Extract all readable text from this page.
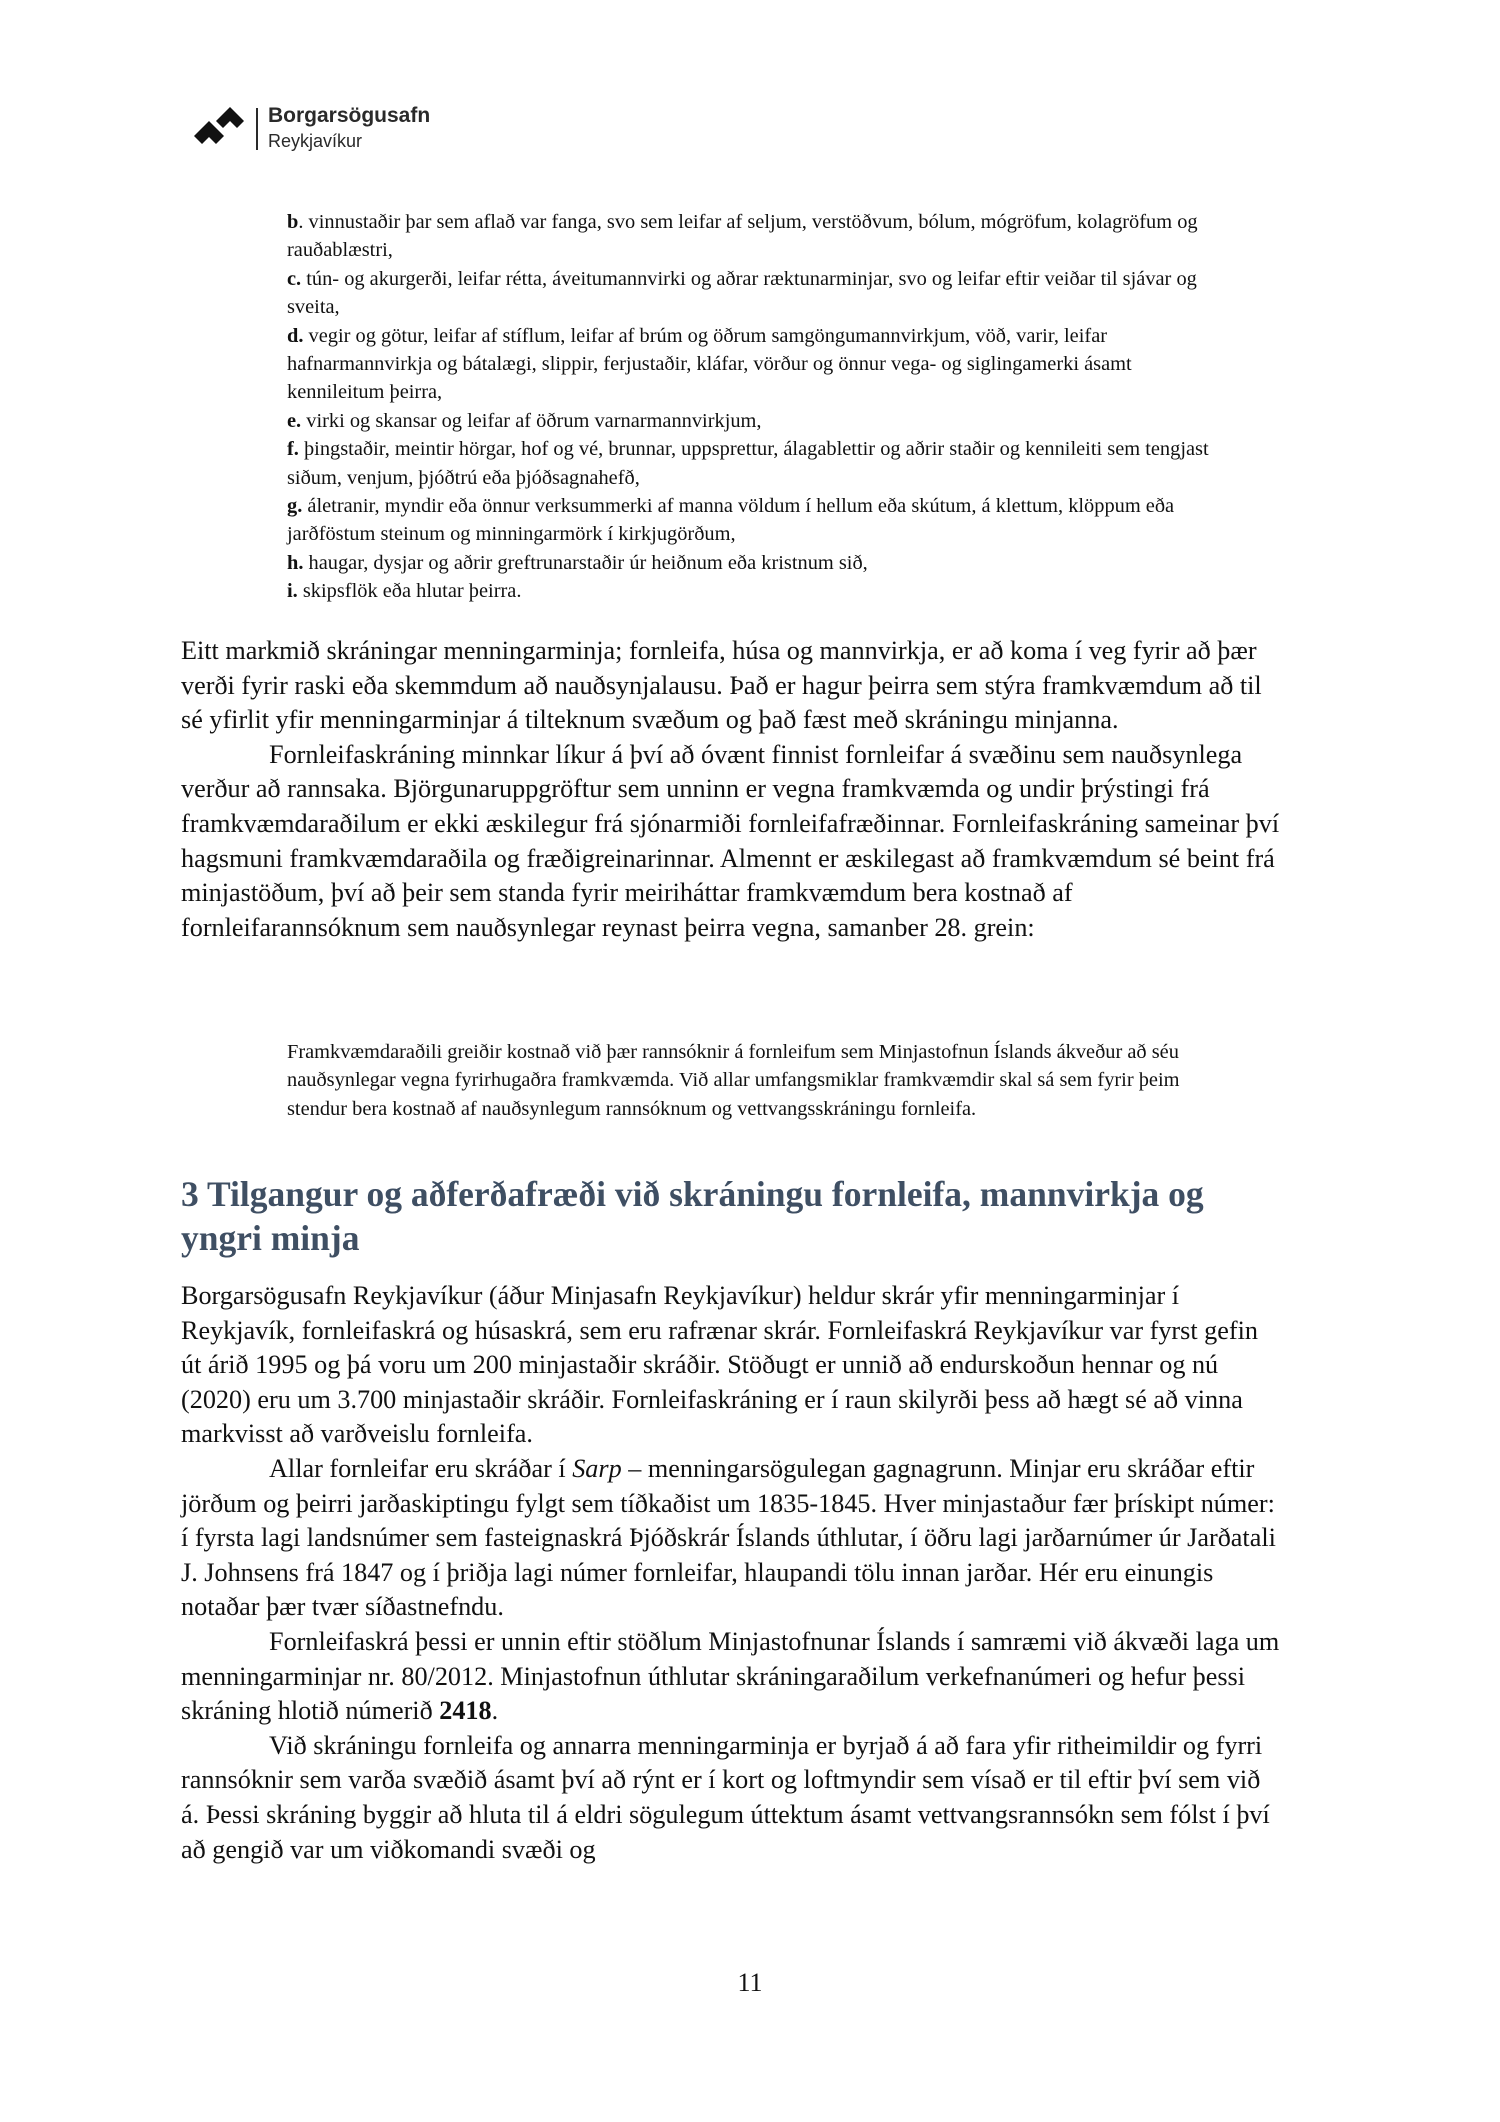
Borgarsögusafn
Reykjavíkur

b. vinnustaðir þar sem aflað var fanga, svo sem leifar af seljum, verstöðvum, bólum, mógröfum, kolagröfum og rauðablæstri,

c. tún- og akurgerði, leifar rétta, áveitumannvirki og aðrar ræktunarminjar, svo og leifar eftir veiðar til sjávar og sveita,

d. vegir og götur, leifar af stíflum, leifar af brúm og öðrum samgöngumannvirkjum, vöð, varir, leifar hafnarmannvirkja og bátalægi, slippir, ferjustaðir, kláfar, vörður og önnur vega- og siglingamerki ásamt kennileitum þeirra,

e. virki og skansar og leifar af öðrum varnarmannvirkjum,

f. þingstaðir, meintir hörgar, hof og vé, brunnar, uppsprettur, álagablettir og aðrir staðir og kennileiti sem tengjast siðum, venjum, þjóðtrú eða þjóðsagnahefð,

g. áletranir, myndir eða önnur verksummerki af manna völdum í hellum eða skútum, á klettum, klöppum eða jarðföstum steinum og minningarmörk í kirkjugörðum,

h. haugar, dysjar og aðrir greftrunarstaðir úr heiðnum eða kristnum sið,

i. skipsflök eða hlutar þeirra.

Eitt markmið skráningar menningarminja; fornleifa, húsa og mannvirkja, er að koma í veg fyrir að þær verði fyrir raski eða skemmdum að nauðsynjalausu. Það er hagur þeirra sem stýra framkvæmdum að til sé yfirlit yfir menningarminjar á tilteknum svæðum og það fæst með skráningu minjanna.

Fornleifaskráning minnkar líkur á því að óvænt finnist fornleifar á svæðinu sem nauðsynlega verður að rannsaka. Björgunaruppgröftur sem unninn er vegna framkvæmda og undir þrýstingi frá framkvæmdaraðilum er ekki æskilegur frá sjónarmiði fornleifafræðinnar. Fornleifaskráning sameinar því hagsmuni framkvæmdaraðila og fræðigreinarinnar. Almennt er æskilegast að framkvæmdum sé beint frá minjastöðum, því að þeir sem standa fyrir meiriháttar framkvæmdum bera kostnað af fornleifarannsóknum sem nauðsynlegar reynast þeirra vegna, samanber 28. grein:

Framkvæmdaraðili greiðir kostnað við þær rannsóknir á fornleifum sem Minjastofnun Íslands ákveður að séu nauðsynlegar vegna fyrirhugaðra framkvæmda. Við allar umfangsmiklar framkvæmdir skal sá sem fyrir þeim stendur bera kostnað af nauðsynlegum rannsóknum og vettvangsskráningu fornleifa.
3 Tilgangur og aðferðafræði við skráningu fornleifa, mannvirkja og yngri minja

Borgarsögusafn Reykjavíkur (áður Minjasafn Reykjavíkur) heldur skrár yfir menningarminjar í Reykjavík, fornleifaskrá og húsaskrá, sem eru rafrænar skrár. Fornleifaskrá Reykjavíkur var fyrst gefin út árið 1995 og þá voru um 200 minjastaðir skráðir. Stöðugt er unnið að endurskoðun hennar og nú (2020) eru um 3.700 minjastaðir skráðir. Fornleifaskráning er í raun skilyrði þess að hægt sé að vinna markvisst að varðveislu fornleifa.

Allar fornleifar eru skráðar í Sarp – menningarsögulegan gagnagrunn. Minjar eru skráðar eftir jörðum og þeirri jarðaskiptingu fylgt sem tíðkaðist um 1835-1845. Hver minjastaður fær þrískipt númer: í fyrsta lagi landsnúmer sem fasteignaskrá Þjóðskrár Íslands úthlutar, í öðru lagi jarðarnúmer úr Jarðatali J. Johnsens frá 1847 og í þriðja lagi númer fornleifar, hlaupandi tölu innan jarðar. Hér eru einungis notaðar þær tvær síðastnefndu.

Fornleifaskrá þessi er unnin eftir stöðlum Minjastofnunar Íslands í samræmi við ákvæði laga um menningarminjar nr. 80/2012. Minjastofnun úthlutar skráningaraðilum verkefnanúmeri og hefur þessi skráning hlotið númerið 2418.

Við skráningu fornleifa og annarra menningarminja er byrjað á að fara yfir ritheimildir og fyrri rannsóknir sem varða svæðið ásamt því að rýnt er í kort og loftmyndir sem vísað er til eftir því sem við á. Þessi skráning byggir að hluta til á eldri sögulegum úttektum ásamt vettvangsrannsókn sem fólst í því að gengið var um viðkomandi svæði og

11
